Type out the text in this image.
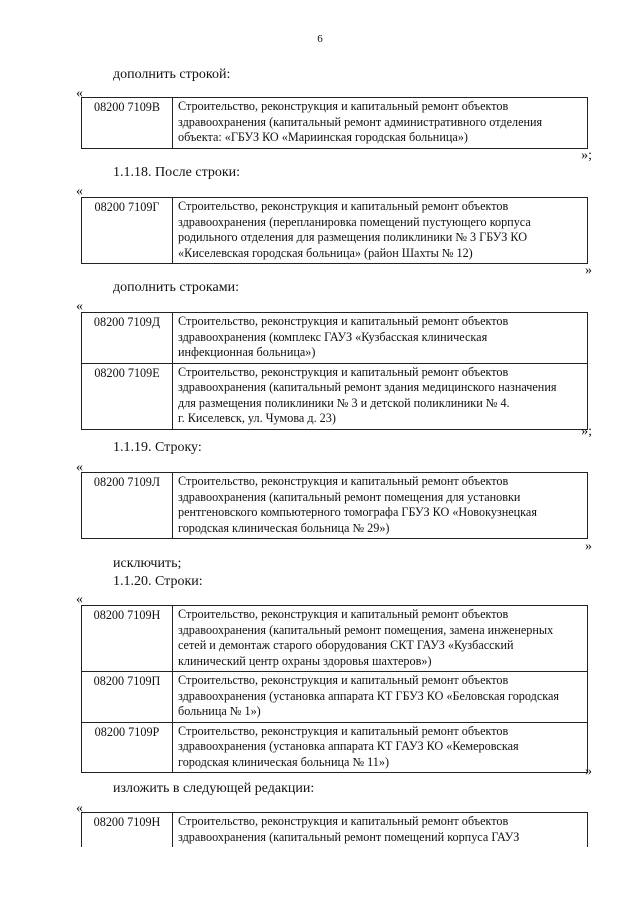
6
дополнить строкой:
«
08200 7109В	Строительство, реконструкция и капитальный ремонт объектов
здравоохранения (капитальный ремонт административного отделения
объекта: «ГБУЗ КО «Мариинская городская больница»)
»;
1.1.18. После строки:
«
08200 7109Г	Строительство, реконструкция и капитальный ремонт объектов
здравоохранения (перепланировка помещений пустующего корпуса
родильного отделения для размещения поликлиники № 3 ГБУЗ КО
«Киселевская городская больница» (район Шахты № 12)
»
дополнить строками:
«
08200 7109Д	Строительство, реконструкция и капитальный ремонт объектов
здравоохранения (комплекс ГАУЗ «Кузбасская клиническая
инфекционная больница»)

08200 7109Е	Строительство, реконструкция и капитальный ремонт объектов
здравоохранения (капитальный ремонт здания медицинского назначения
для размещения поликлиники № 3 и детской поликлиники № 4.
г. Киселевск, ул. Чумова д. 23)
»;
1.1.19. Строку:
«
08200 7109Л	Строительство, реконструкция и капитальный ремонт объектов
здравоохранения (капитальный ремонт помещения для установки
рентгеновского компьютерного томографа ГБУЗ КО «Новокузнецкая
городская клиническая больница № 29»)
»
исключить;
1.1.20. Строки:
«
08200 7109Н	Строительство, реконструкция и капитальный ремонт объектов
здравоохранения (капитальный ремонт помещения, замена инженерных
сетей и демонтаж старого оборудования СКТ ГАУЗ «Кузбасский
клинический центр охраны здоровья шахтеров»)

08200 7109П	Строительство, реконструкция и капитальный ремонт объектов
здравоохранения (установка аппарата КТ ГБУЗ КО «Беловская городская
больница № 1»)

08200 7109Р	Строительство, реконструкция и капитальный ремонт объектов
здравоохранения (установка аппарата КТ ГАУЗ КО «Кемеровская
городская клиническая больница № 11»)
»
изложить в следующей редакции:
«
08200 7109Н	Строительство, реконструкция и капитальный ремонт объектов
здравоохранения (капитальный ремонт помещений корпуса ГАУЗ
